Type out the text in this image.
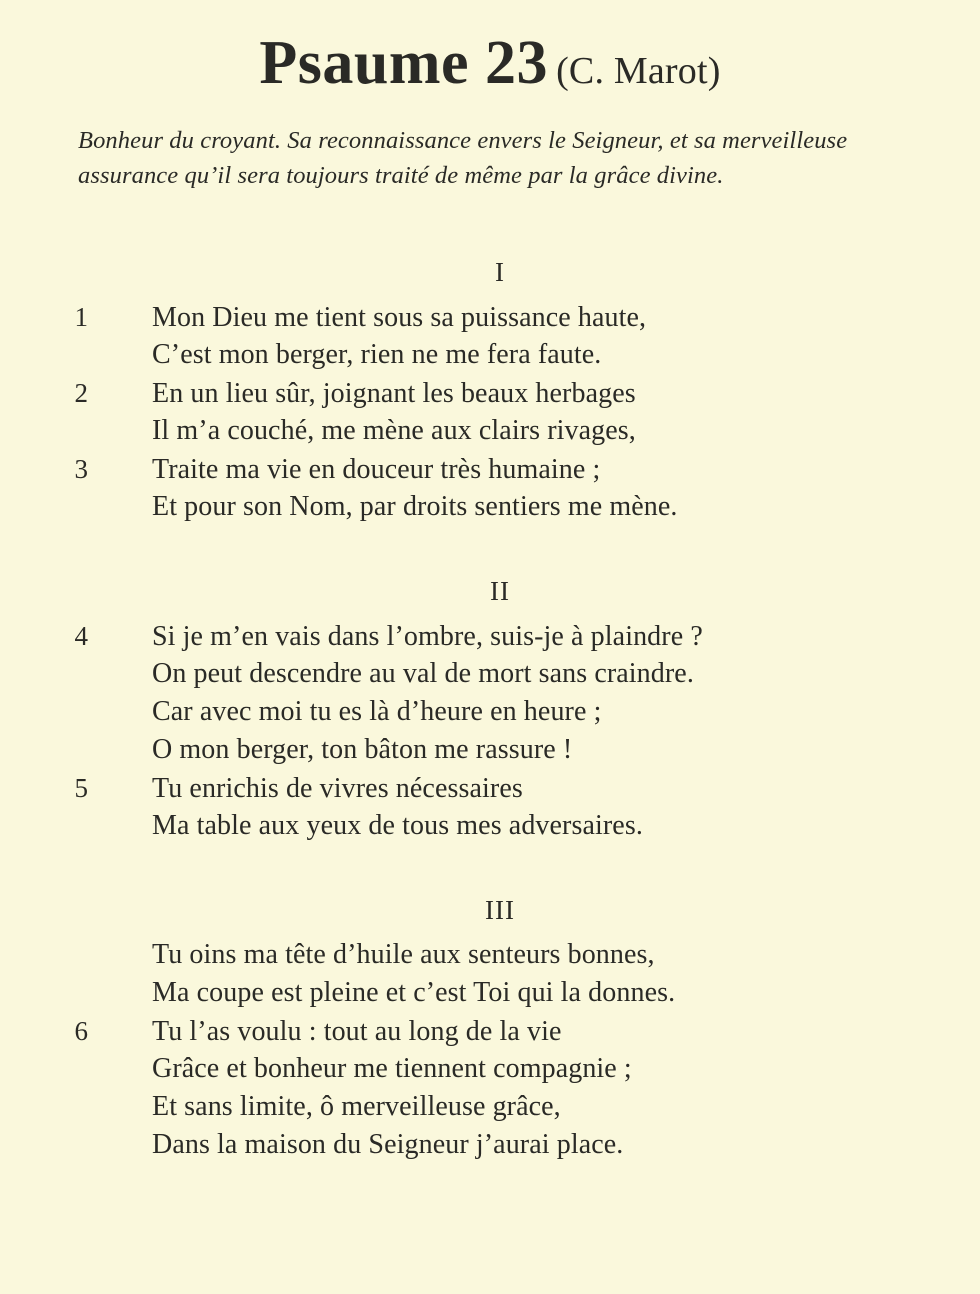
Psaume 23 (C. Marot)
Bonheur du croyant. Sa reconnaissance envers le Seigneur, et sa merveilleuse assurance qu’il sera toujours traité de même par la grâce divine.
I
1	Mon Dieu me tient sous sa puissance haute,
C’est mon berger, rien ne me fera faute.
2	En un lieu sûr, joignant les beaux herbages
Il m’a couché, me mène aux clairs rivages,
3	Traite ma vie en douceur très humaine ;
Et pour son Nom, par droits sentiers me mène.
II
4	Si je m’en vais dans l’ombre, suis-je à plaindre ?
On peut descendre au val de mort sans craindre.
Car avec moi tu es là d’heure en heure ;
O mon berger, ton bâton me rassure !
5	Tu enrichis de vivres nécessaires
Ma table aux yeux de tous mes adversaires.
III
Tu oins ma tête d’huile aux senteurs bonnes,
Ma coupe est pleine et c’est Toi qui la donnes.
6	Tu l’as voulu : tout au long de la vie
Grâce et bonheur me tiennent compagnie ;
Et sans limite, ô merveilleuse grâce,
Dans la maison du Seigneur j’aurai place.
